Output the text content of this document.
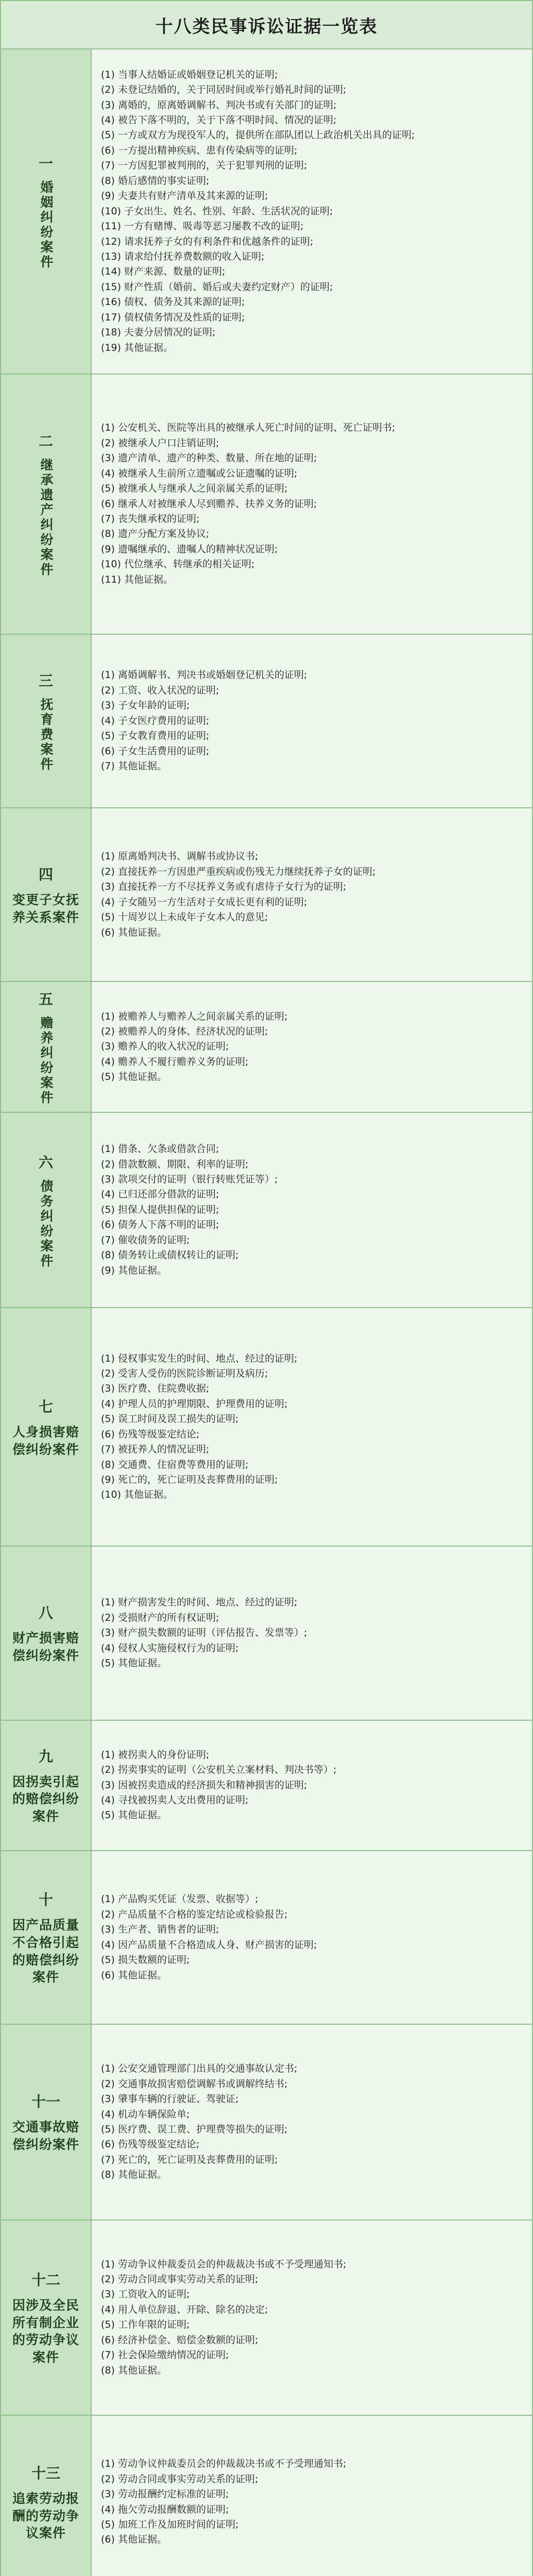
十八类民事诉讼证据一览表
一
婚姻纠纷案件
(1) 当事人结婚证或婚姻登记机关的证明;
(2) 未登记结婚的，关于同居时间或举行婚礼时间的证明;
(3) 离婚的，原离婚调解书、判决书或有关部门的证明;
(4) 被告下落不明的，关于下落不明时间、情况的证明;
(5) 一方或双方为现役军人的，提供所在部队团以上政治机关出具的证明;
(6) 一方提出精神疾病、患有传染病等的证明;
(7) 一方因犯罪被判刑的，关于犯罪判刑的证明;
(8) 婚后感情的事实证明;
(9) 夫妻共有财产清单及其来源的证明;
(10) 子女出生、姓名、性别、年龄、生活状况的证明;
(11) 一方有赌博、吸毒等恶习屡教不改的证明;
(12) 请求抚养子女的有利条件和优越条件的证明;
(13) 请求给付抚养费数额的收入证明;
(14) 财产来源、数量的证明;
(15) 财产性质（婚前、婚后或夫妻约定财产）的证明;
(16) 债权、债务及其来源的证明;
(17) 债权债务情况及性质的证明;
(18) 夫妻分居情况的证明;
(19) 其他证据。
二
继承遗产纠纷案件
(1) 公安机关、医院等出具的被继承人死亡时间的证明、死亡证明书;
(2) 被继承人户口注销证明;
(3) 遗产清单、遗产的种类、数量、所在地的证明;
(4) 被继承人生前所立遗嘱或公证遗嘱的证明;
(5) 被继承人与继承人之间亲属关系的证明;
(6) 继承人对被继承人尽到赡养、扶养义务的证明;
(7) 丧失继承权的证明;
(8) 遗产分配方案及协议;
(9) 遗嘱继承的、遗嘱人的精神状况证明;
(10) 代位继承、转继承的相关证明;
(11) 其他证据。
三
抚育费案件
(1) 离婚调解书、判决书或婚姻登记机关的证明;
(2) 工资、收入状况的证明;
(3) 子女年龄的证明;
(4) 子女医疗费用的证明;
(5) 子女教育费用的证明;
(6) 子女生活费用的证明;
(7) 其他证据。
四
变更子女抚养关系案件
(1) 原离婚判决书、调解书或协议书;
(2) 直接抚养一方因患严重疾病或伤残无力继续抚养子女的证明;
(3) 直接抚养一方不尽抚养义务或有虐待子女行为的证明;
(4) 子女随另一方生活对子女成长更有利的证明;
(5) 十周岁以上未成年子女本人的意见;
(6) 其他证据。
五
赡养纠纷案件	(1) 被赡养人与赡养人之间亲属关系的证明;
(2) 被赡养人的身体、经济状况的证明;
(3) 赡养人的收入状况的证明;
(4) 赡养人不履行赡养义务的证明;
(5) 其他证据。
六
债务纠纷案件
(1) 借条、欠条或借款合同;
(2) 借款数额、期限、利率的证明;
(3) 款项交付的证明（银行转账凭证等）;
(4) 已归还部分借款的证明;
(5) 担保人提供担保的证明;
(6) 债务人下落不明的证明;
(7) 催收债务的证明;
(8) 债务转让或债权转让的证明;
(9) 其他证据。
七
人身损害赔偿纠纷案件
(1) 侵权事实发生的时间、地点、经过的证明;
(2) 受害人受伤的医院诊断证明及病历;
(3) 医疗费、住院费收据;
(4) 护理人员的护理期限、护理费用的证明;
(5) 误工时间及误工损失的证明;
(6) 伤残等级鉴定结论;
(7) 被抚养人的情况证明;
(8) 交通费、住宿费等费用的证明;
(9) 死亡的，死亡证明及丧葬费用的证明;
(10) 其他证据。
八
财产损害赔偿纠纷案件
(1) 财产损害发生的时间、地点、经过的证明;
(2) 受损财产的所有权证明;
(3) 财产损失数额的证明（评估报告、发票等）;
(4) 侵权人实施侵权行为的证明;
(5) 其他证据。
九
因拐卖引起的赔偿纠纷案件
(1) 被拐卖人的身份证明;
(2) 拐卖事实的证明（公安机关立案材料、判决书等）;
(3) 因被拐卖造成的经济损失和精神损害的证明;
(4) 寻找被拐卖人支出费用的证明;
(5) 其他证据。
十
因产品质量不合格引起的赔偿纠纷案件
(1) 产品购买凭证（发票、收据等）;
(2) 产品质量不合格的鉴定结论或检验报告;
(3) 生产者、销售者的证明;
(4) 因产品质量不合格造成人身、财产损害的证明;
(5) 损失数额的证明;
(6) 其他证据。
十一
交通事故赔偿纠纷案件
(1) 公安交通管理部门出具的交通事故认定书;
(2) 交通事故损害赔偿调解书或调解终结书;
(3) 肇事车辆的行驶证、驾驶证;
(4) 机动车辆保险单;
(5) 医疗费、误工费、护理费等损失的证明;
(6) 伤残等级鉴定结论;
(7) 死亡的，死亡证明及丧葬费用的证明;
(8) 其他证据。
十二
因涉及全民所有制企业的劳动争议案件
(1) 劳动争议仲裁委员会的仲裁裁决书或不予受理通知书;
(2) 劳动合同或事实劳动关系的证明;
(3) 工资收入的证明;
(4) 用人单位辞退、开除、除名的决定;
(5) 工作年限的证明;
(6) 经济补偿金、赔偿金数额的证明;
(7) 社会保险缴纳情况的证明;
(8) 其他证据。
十三
追索劳动报酬的劳动争议案件
(1) 劳动争议仲裁委员会的仲裁裁决书或不予受理通知书;
(2) 劳动合同或事实劳动关系的证明;
(3) 劳动报酬约定标准的证明;
(4) 拖欠劳动报酬数额的证明;
(5) 加班工作及加班时间的证明;
(6) 其他证据。
